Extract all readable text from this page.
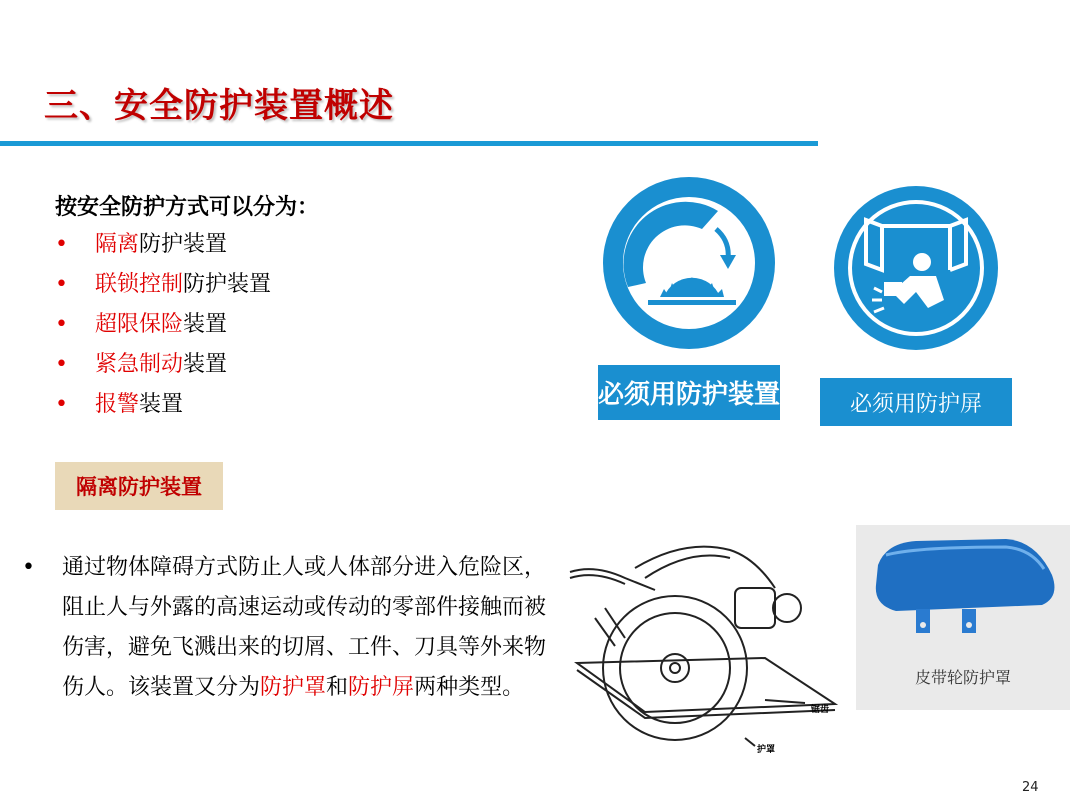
三、安全防护装置概述
按安全防护方式可以分为：
• 隔离防护装置
• 联锁控制防护装置
• 超限保险装置
• 紧急制动装置
• 报警装置	必须用防护装置	必须用防护屏
隔离防护装置
• 通过物体障碍方式防止人或人体部分进入危险区，阻止人与外露的高速运动或传动的零部件接触而被伤害，避免飞溅出来的切屑、工件、刀具等外来物伤人。该装置又分为防护罩和防护屏两种类型。
锯齿
护罩
皮带轮防护罩
24
